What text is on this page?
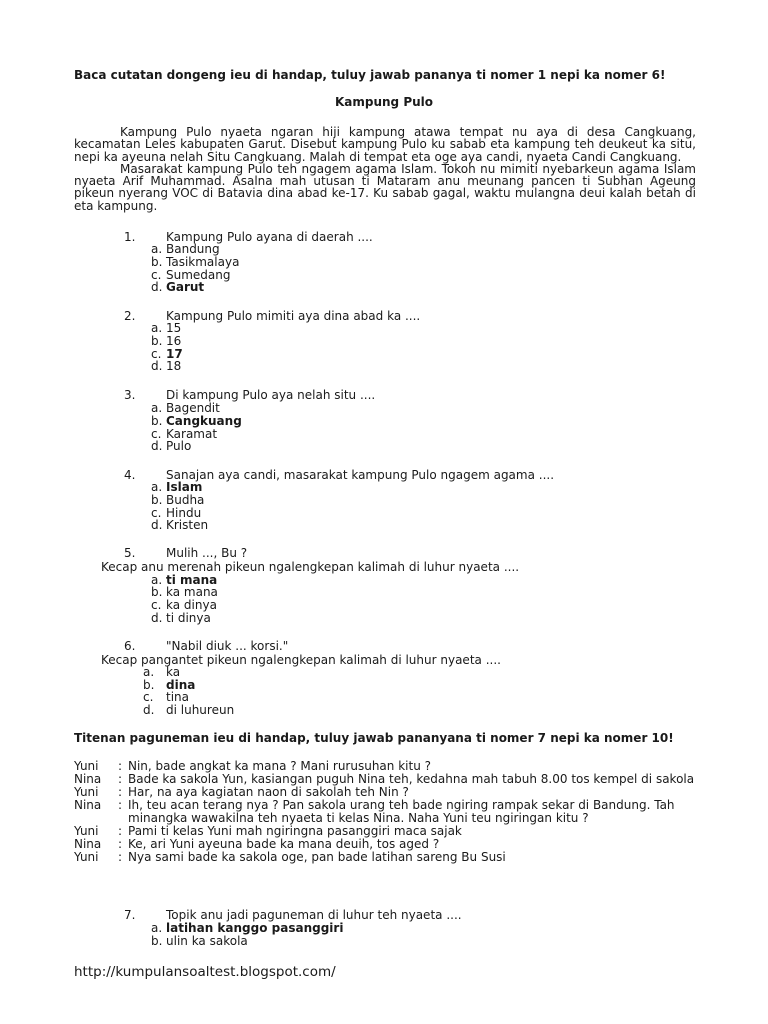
Baca cutatan dongeng ieu di handap, tuluy jawab pananya ti nomer 1 nepi ka nomer 6!
Kampung Pulo

Kampung Pulo nyaeta ngaran hiji kampung atawa tempat nu aya di desa Cangkuang, kecamatan Leles kabupaten Garut. Disebut kampung Pulo ku sabab eta kampung teh deukeut ka situ, nepi ka ayeuna nelah Situ Cangkuang. Malah di tempat eta oge aya candi, nyaeta Candi Cangkuang.

Masarakat kampung Pulo teh ngagem agama Islam. Tokoh nu mimiti nyebarkeun agama Islam nyaeta Arif Muhammad. Asalna mah utusan ti Mataram anu meunang pancen ti Subhan Ageung pikeun nyerang VOC di Batavia dina abad ke-17. Ku sabab gagal, waktu mulangna deui kalah betah di eta kampung.

1.	Kampung Pulo ayana di daerah ....
a. Bandung
b. Tasikmalaya
c. Sumedang
d. Garut
2.	Kampung Pulo mimiti aya dina abad ka ....
a. 15
b. 16
c. 17
d. 18
3.	Di kampung Pulo aya nelah situ ....
a. Bagendit
b. Cangkuang
c. Karamat
d. Pulo
4.	Sanajan aya candi, masarakat kampung Pulo ngagem agama ....
a. Islam
b. Budha
c. Hindu
d. Kristen
5.	Mulih ..., Bu ?
Kecap anu merenah pikeun ngalengkepan kalimah di luhur nyaeta ....
a. ti mana
b. ka mana
c. ka dinya
d. ti dinya
6.	"Nabil diuk ... korsi."
Kecap pangantet pikeun ngalengkepan kalimah di luhur nyaeta ....
a. ka
b. dina
c. tina
d. di luhureun
Titenan paguneman ieu di handap, tuluy jawab pananyana ti nomer 7 nepi ka nomer 10!
Yuni : Nin, bade angkat ka mana ? Mani rurusuhan kitu ?
Nina : Bade ka sakola Yun, kasiangan puguh Nina teh, kedahna mah tabuh 8.00 tos kempel di sakola
Yuni : Har, na aya kagiatan naon di sakolah teh Nin ?
Nina : Ih, teu acan terang nya ? Pan sakola urang teh bade ngiring rampak sekar di Bandung. Tah
minangka wawakilna teh nyaeta ti kelas Nina. Naha Yuni teu ngiringan kitu ?
Yuni : Pami ti kelas Yuni mah ngiringna pasanggiri maca sajak
Nina : Ke, ari Yuni ayeuna bade ka mana deuih, tos aged ?
Yuni : Nya sami bade ka sakola oge, pan bade latihan sareng Bu Susi
7.	Topik anu jadi paguneman di luhur teh nyaeta ....
a. latihan kanggo pasanggiri
b. ulin ka sakola
http://kumpulansoaltest.blogspot.com/
